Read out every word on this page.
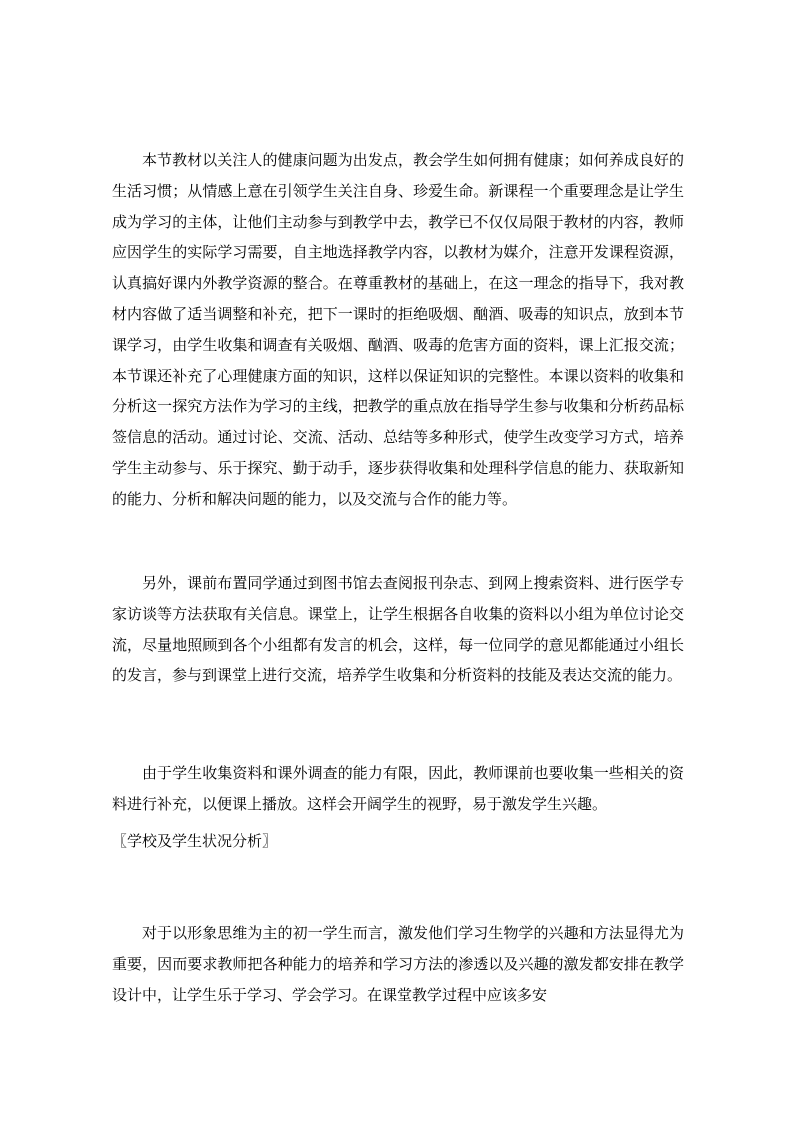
本节教材以关注人的健康问题为出发点，教会学生如何拥有健康；如何养成良好的生活习惯；从情感上意在引领学生关注自身、珍爱生命。新课程一个重要理念是让学生成为学习的主体，让他们主动参与到教学中去，教学已不仅仅局限于教材的内容，教师应因学生的实际学习需要，自主地选择教学内容，以教材为媒介，注意开发课程资源，认真搞好课内外教学资源的整合。在尊重教材的基础上，在这一理念的指导下，我对教材内容做了适当调整和补充，把下一课时的拒绝吸烟、酗酒、吸毒的知识点，放到本节课学习，由学生收集和调查有关吸烟、酗酒、吸毒的危害方面的资料，课上汇报交流；本节课还补充了心理健康方面的知识，这样以保证知识的完整性。本课以资料的收集和分析这一探究方法作为学习的主线，把教学的重点放在指导学生参与收集和分析药品标签信息的活动。通过讨论、交流、活动、总结等多种形式，使学生改变学习方式，培养学生主动参与、乐于探究、勤于动手，逐步获得收集和处理科学信息的能力、获取新知的能力、分析和解决问题的能力，以及交流与合作的能力等。

另外，课前布置同学通过到图书馆去查阅报刊杂志、到网上搜索资料、进行医学专家访谈等方法获取有关信息。课堂上，让学生根据各自收集的资料以小组为单位讨论交流，尽量地照顾到各个小组都有发言的机会，这样，每一位同学的意见都能通过小组长的发言，参与到课堂上进行交流，培养学生收集和分析资料的技能及表达交流的能力。

由于学生收集资料和课外调查的能力有限，因此，教师课前也要收集一些相关的资料进行补充，以便课上播放。这样会开阔学生的视野，易于激发学生兴趣。

〖学校及学生状况分析〗

对于以形象思维为主的初一学生而言，激发他们学习生物学的兴趣和方法显得尤为重要，因而要求教师把各种能力的培养和学习方法的渗透以及兴趣的激发都安排在教学设计中，让学生乐于学习、学会学习。在课堂教学过程中应该多安
